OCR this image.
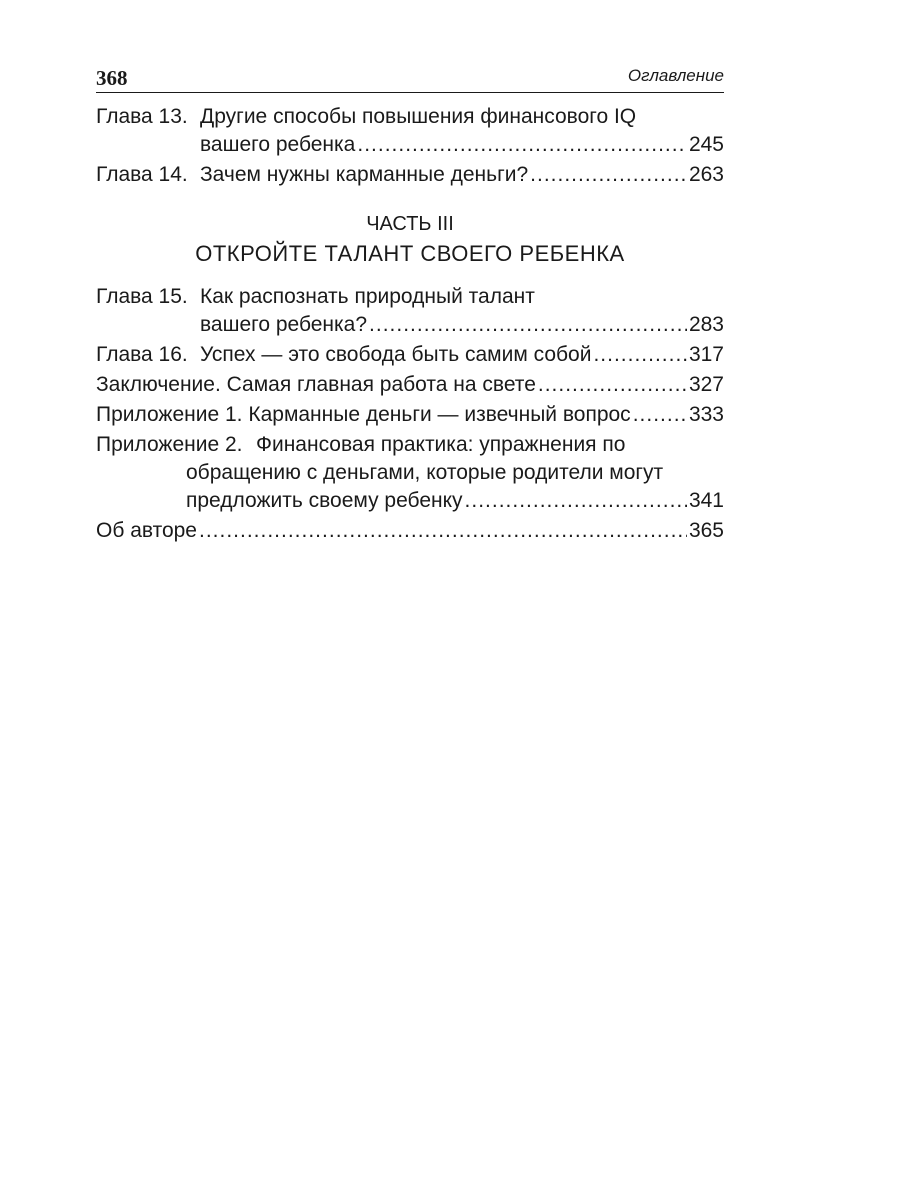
368	Оглавление
Глава 13. Другие способы повышения финансового IQ
вашего ребенка .....	245
Глава 14. Зачем нужны карманные деньги? .....	263
ЧАСТЬ III
ОТКРОЙТЕ ТАЛАНТ СВОЕГО РЕБЕНКА
Глава 15. Как распознать природный талант
вашего ребенка? .....	283
Глава 16. Успех — это свобода быть самим собой .....	317
Заключение. Самая главная работа на свете .....	327
Приложение 1. Карманные деньги — извечный вопрос .....	333
Приложение 2. Финансовая практика: упражнения по
обращению с деньгами, которые родители могут
предложить своему ребенку .....	341
Об авторе .....	365
